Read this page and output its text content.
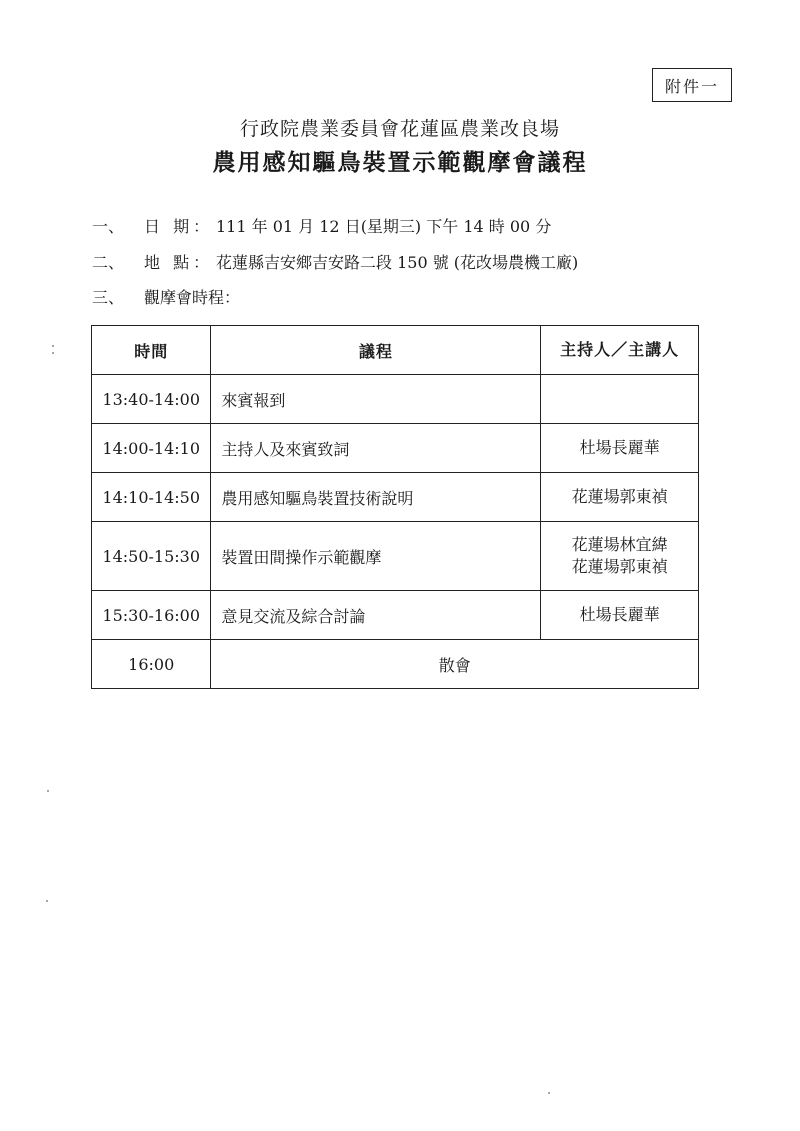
附件一
行政院農業委員會花蓮區農業改良場
農用感知驅鳥裝置示範觀摩會議程
一、	日 期： 111 年 01 月 12 日(星期三) 下午 14 時 00 分
二、	地 點： 花蓮縣吉安鄉吉安路二段 150 號 (花改場農機工廠)
三、	觀摩會時程：
時間	議程	主持人／主講人
13:40-14:00	來賓報到	
14:00-14:10	主持人及來賓致詞	杜場長麗華

14:10-14:50	農用感知驅鳥裝置技術說明	花蓮場郭東禎

14:50-15:30	裝置田間操作示範觀摩	花蓮場林宜緯
花蓮場郭東禎

15:30-16:00	意見交流及綜合討論	杜場長麗華

16:00	散會	
